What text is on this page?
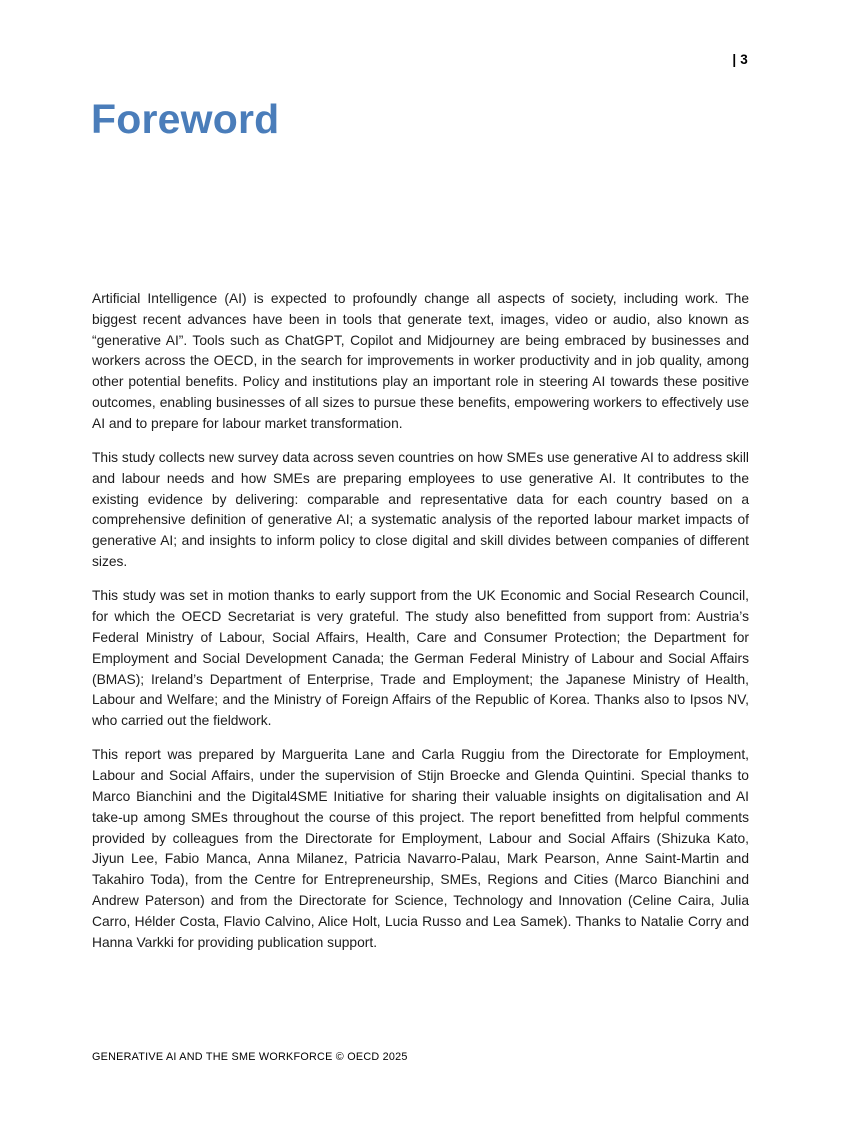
| 3
Foreword

Artificial Intelligence (AI) is expected to profoundly change all aspects of society, including work. The biggest recent advances have been in tools that generate text, images, video or audio, also known as “generative AI”. Tools such as ChatGPT, Copilot and Midjourney are being embraced by businesses and workers across the OECD, in the search for improvements in worker productivity and in job quality, among other potential benefits. Policy and institutions play an important role in steering AI towards these positive outcomes, enabling businesses of all sizes to pursue these benefits, empowering workers to effectively use AI and to prepare for labour market transformation.

This study collects new survey data across seven countries on how SMEs use generative AI to address skill and labour needs and how SMEs are preparing employees to use generative AI. It contributes to the existing evidence by delivering: comparable and representative data for each country based on a comprehensive definition of generative AI; a systematic analysis of the reported labour market impacts of generative AI; and insights to inform policy to close digital and skill divides between companies of different sizes.

This study was set in motion thanks to early support from the UK Economic and Social Research Council, for which the OECD Secretariat is very grateful. The study also benefitted from support from: Austria’s Federal Ministry of Labour, Social Affairs, Health, Care and Consumer Protection; the Department for Employment and Social Development Canada; the German Federal Ministry of Labour and Social Affairs (BMAS); Ireland’s Department of Enterprise, Trade and Employment; the Japanese Ministry of Health, Labour and Welfare; and the Ministry of Foreign Affairs of the Republic of Korea. Thanks also to Ipsos NV, who carried out the fieldwork.

This report was prepared by Marguerita Lane and Carla Ruggiu from the Directorate for Employment, Labour and Social Affairs, under the supervision of Stijn Broecke and Glenda Quintini. Special thanks to Marco Bianchini and the Digital4SME Initiative for sharing their valuable insights on digitalisation and AI take-up among SMEs throughout the course of this project. The report benefitted from helpful comments provided by colleagues from the Directorate for Employment, Labour and Social Affairs (Shizuka Kato, Jiyun Lee, Fabio Manca, Anna Milanez, Patricia Navarro-Palau, Mark Pearson, Anne Saint-Martin and Takahiro Toda), from the Centre for Entrepreneurship, SMEs, Regions and Cities (Marco Bianchini and Andrew Paterson) and from the Directorate for Science, Technology and Innovation (Celine Caira, Julia Carro, Hélder Costa, Flavio Calvino, Alice Holt, Lucia Russo and Lea Samek). Thanks to Natalie Corry and Hanna Varkki for providing publication support.

GENERATIVE AI AND THE SME WORKFORCE © OECD 2025
